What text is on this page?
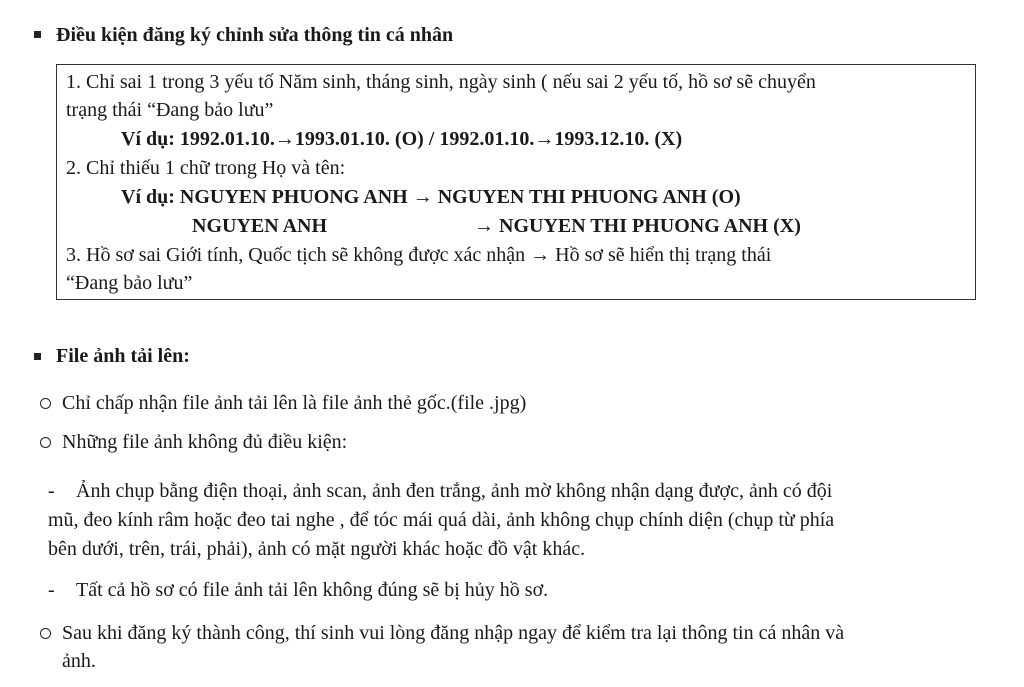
Điều kiện đăng ký chỉnh sửa thông tin cá nhân
1. Chỉ sai 1 trong 3 yếu tố Năm sinh, tháng sinh, ngày sinh ( nếu sai 2 yếu tố, hồ sơ sẽ chuyển
trạng thái “Đang bảo lưu”
Ví dụ: 1992.01.10.→1993.01.10. (O) / 1992.01.10.→1993.12.10. (X)
2. Chỉ thiếu 1 chữ trong Họ và tên:
Ví dụ: NGUYEN PHUONG ANH → NGUYEN THI PHUONG ANH (O)
NGUYEN ANH	→ NGUYEN THI PHUONG ANH (X)
3. Hồ sơ sai Giới tính, Quốc tịch sẽ không được xác nhận → Hồ sơ sẽ hiển thị trạng thái
“Đang bảo lưu”
File ảnh tải lên:
Chỉ chấp nhận file ảnh tải lên là file ảnh thẻ gốc.(file .jpg)
Những file ảnh không đủ điều kiện:
- Ảnh chụp bằng điện thoại, ảnh scan, ảnh đen trắng, ảnh mờ không nhận dạng được, ảnh có đội
mũ, đeo kính râm hoặc đeo tai nghe , để tóc mái quá dài, ảnh không chụp chính diện (chụp từ phía
bên dưới, trên, trái, phải), ảnh có mặt người khác hoặc đồ vật khác.
- Tất cả hồ sơ có file ảnh tải lên không đúng sẽ bị hủy hồ sơ.
Sau khi đăng ký thành công, thí sinh vui lòng đăng nhập ngay để kiểm tra lại thông tin cá nhân và
ảnh.
